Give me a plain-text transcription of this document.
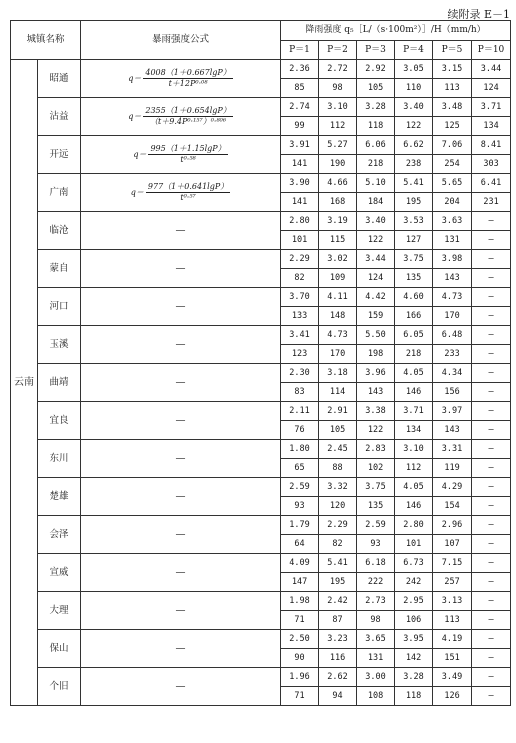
续附录 E－1
城镇名称		暴雨强度公式	降雨强度 q₅［L/（s·100m²）］/H（mm/h）					
			P＝1	P＝2	P＝3	P＝4	P＝5	P＝10
云南	昭通	$q= \frac{4008(1+0.667\lg P)}{\text{t＋12P⁰·⁰⁸}}$	2.36	2.72	2.92	3.05	3.15	3.44
			85	98	105	110	113	124
	沾益	$q= \frac{2355(1+0.654\lg P)}{\text{（t＋9.4P⁰·¹⁵⁷）⁰·⁸⁰⁶}}$	2.74	3.10	3.28	3.40	3.48	3.71
			99	112	118	122	125	134
	开远	$q= \frac{995(1+1.15\lg P)}{\text{t⁰·⁵⁸}}$	3.91	5.27	6.06	6.62	7.06	8.41
			141	190	218	238	254	303
	广南	$q= \frac{977(1+0.641\lg P)}{\text{t⁰·⁵⁷}}$	3.90	4.66	5.10	5.41	5.65	6.41
			141	168	184	195	204	231
	临沧	—	2.80	3.19	3.40	3.53	3.63	—
			101	115	122	127	131	—
	蒙自	—	2.29	3.02	3.44	3.75	3.98	—
			82	109	124	135	143	—
	河口	—	3.70	4.11	4.42	4.60	4.73	—
			133	148	159	166	170	—
	玉溪	—	3.41	4.73	5.50	6.05	6.48	—
			123	170	198	218	233	—
	曲靖	—	2.30	3.18	3.96	4.05	4.34	—
			83	114	143	146	156	—
	宜良	—	2.11	2.91	3.38	3.71	3.97	—
			76	105	122	134	143	—
	东川	—	1.80	2.45	2.83	3.10	3.31	—
			65	88	102	112	119	—
	楚雄	—	2.59	3.32	3.75	4.05	4.29	—
			93	120	135	146	154	—
	会泽	—	1.79	2.29	2.59	2.80	2.96	—
			64	82	93	101	107	—
	宣威	—	4.09	5.41	6.18	6.73	7.15	—
			147	195	222	242	257	—
	大理	—	1.98	2.42	2.73	2.95	3.13	—
			71	87	98	106	113	—
	保山	—	2.50	3.23	3.65	3.95	4.19	—
			90	116	131	142	151	—
	个旧	—	1.96	2.62	3.00	3.28	3.49	—
			71	94	108	118	126	—
